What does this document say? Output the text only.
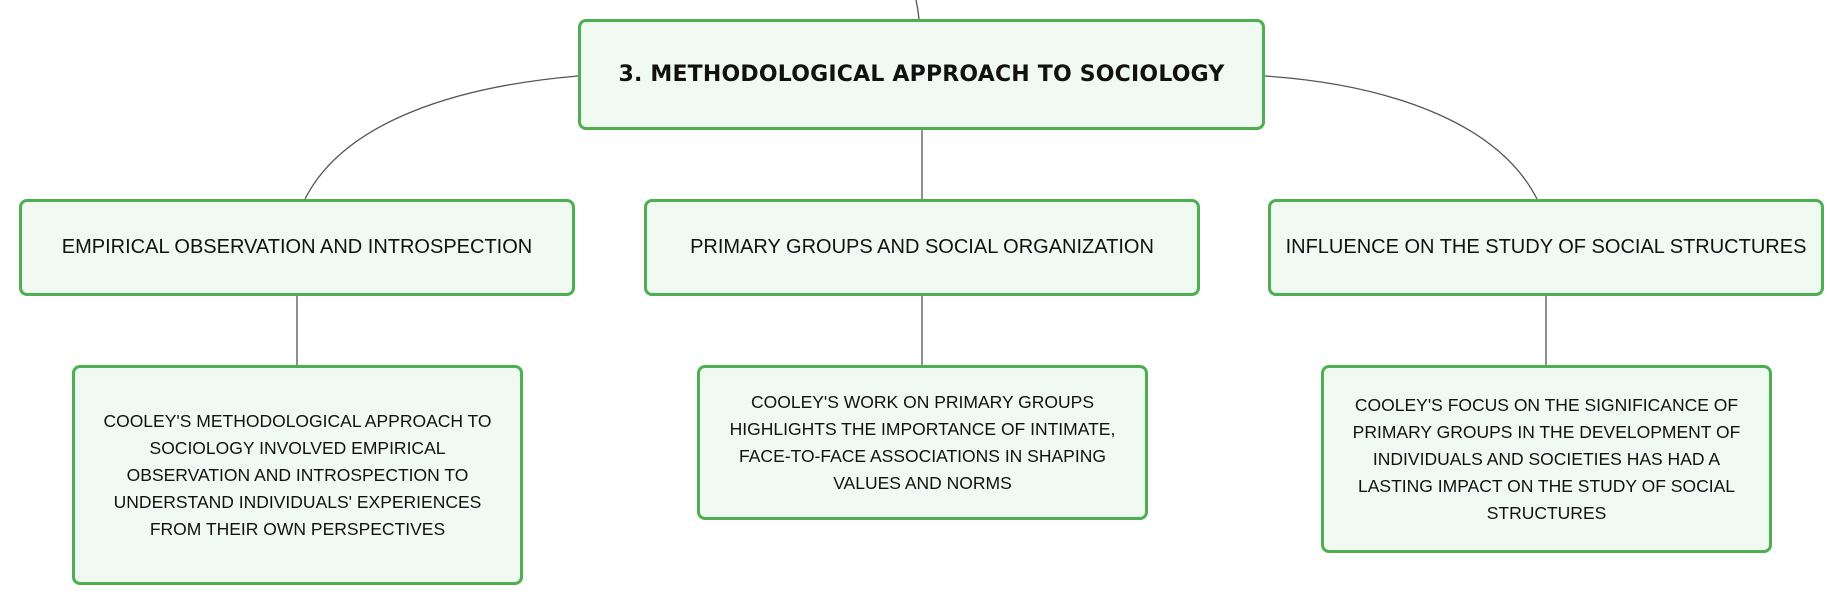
3. METHODOLOGICAL APPROACH TO SOCIOLOGY
EMPIRICAL OBSERVATION AND INTROSPECTION	PRIMARY GROUPS AND SOCIAL ORGANIZATION	INFLUENCE ON THE STUDY OF SOCIAL STRUCTURES
COOLEY'S METHODOLOGICAL APPROACH TO SOCIOLOGY INVOLVED EMPIRICAL OBSERVATION AND INTROSPECTION TO UNDERSTAND INDIVIDUALS' EXPERIENCES FROM THEIR OWN PERSPECTIVES
COOLEY'S WORK ON PRIMARY GROUPS HIGHLIGHTS THE IMPORTANCE OF INTIMATE, FACE-TO-FACE ASSOCIATIONS IN SHAPING VALUES AND NORMS
COOLEY'S FOCUS ON THE SIGNIFICANCE OF PRIMARY GROUPS IN THE DEVELOPMENT OF INDIVIDUALS AND SOCIETIES HAS HAD A LASTING IMPACT ON THE STUDY OF SOCIAL STRUCTURES
